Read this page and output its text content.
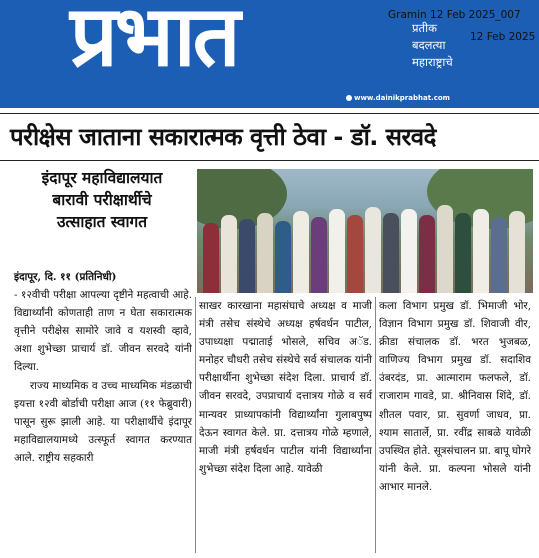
प्रभात	प्रतीक
बदलत्या
महाराष्ट्राचे
Gramin 12 Feb 2025_007
12 Feb 2025
www.dainikprabhat.com
परीक्षेस जाताना सकारात्मक वृत्ती ठेवा - डॉ. सरवदे
इंदापूर महाविद्यालयात
बारावी परीक्षार्थीचे
उत्साहात स्वागत

इंदापूर, दि. ११ (प्रतिनिधी)

- १२वीची परीक्षा आपल्या दृष्टीने महत्वाची आहे. विद्यार्थ्यांनी कोणताही ताण न घेता सकारात्मक वृत्तीने परीक्षेस सामोरे जावे व यशस्वी व्हावे, अशा शुभेच्छा प्राचार्य डॉ. जीवन सरवदे यांनी दिल्या.

राज्य माध्यमिक व उच्च माध्यमिक मंडळाची इयत्ता १२वी बोर्डाची परीक्षा आज (११ फेब्रुवारी) पासून सुरू झाली आहे. या परीक्षार्थीचे इंदापूर महाविद्यालयामध्ये उत्स्फूर्त स्वागत करण्यात आले. राष्ट्रीय सहकारी

साखर कारखाना महासंघाचे अध्यक्ष व माजी मंत्री तसेच संस्थेचे अध्यक्ष हर्षवर्धन पाटील, उपाध्यक्षा पद्माताई भोसले, सचिव अॅड. मनोहर चौधरी तसेच संस्थेचे सर्व संचालक यांनी परीक्षार्थीना शुभेच्छा संदेश दिला. प्राचार्य डॉ. जीवन सरवदे, उपप्राचार्य दत्तात्रय गोळे व सर्व मान्यवर प्राध्यापकांनी विद्यार्थ्यांना गुलाबपुष्प देऊन स्वागत केले. प्रा. दत्तात्रय गोळे म्हणाले, माजी मंत्री हर्षवर्धन पाटील यांनी विद्यार्थ्यांना शुभेच्छा संदेश दिला आहे. यावेळी

कला विभाग प्रमुख डॉ. भिमाजी भोर, विज्ञान विभाग प्रमुख डॉ. शिवाजी वीर, क्रीडा संचालक डॉ. भरत भुजबळ, वाणिज्य विभाग प्रमुख डॉ. सदाशिव उंबरदंड, प्रा. आत्माराम फलफले, डॉ. राजाराम गावडे, प्रा. श्रीनिवास शिंदे, डॉ. शीतल पवार, प्रा. सुवर्णा जाधव, प्रा. श्याम सातार्ले, प्रा. रवींद्र साबळे यावेळी उपस्थित होते. सूत्रसंचालन प्रा. बापू घोगरे यांनी केले. प्रा. कल्पना भोसले यांनी आभार मानले.
